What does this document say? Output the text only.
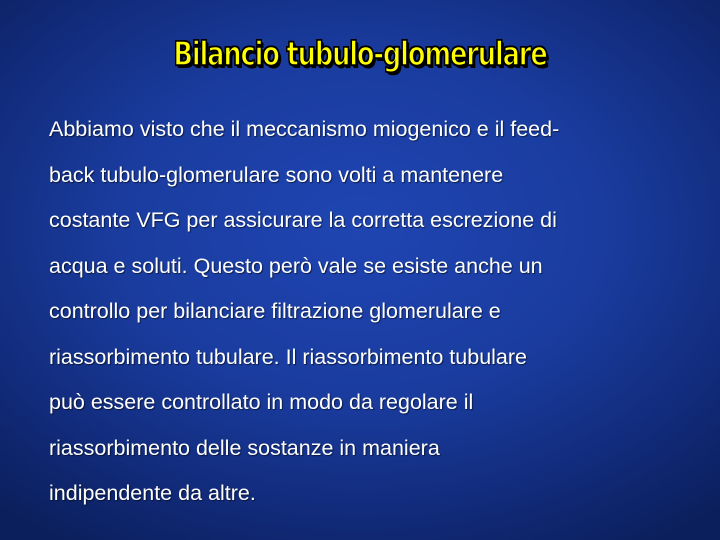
Bilancio tubulo-glomerulare
Abbiamo visto che il meccanismo miogenico e il feed-
back tubulo-glomerulare sono volti a mantenere
costante VFG per assicurare la corretta escrezione di
acqua e soluti. Questo però vale se esiste anche un
controllo per bilanciare filtrazione glomerulare e
riassorbimento tubulare. Il riassorbimento tubulare
può essere controllato in modo da regolare il
riassorbimento delle sostanze in maniera
indipendente da altre.
